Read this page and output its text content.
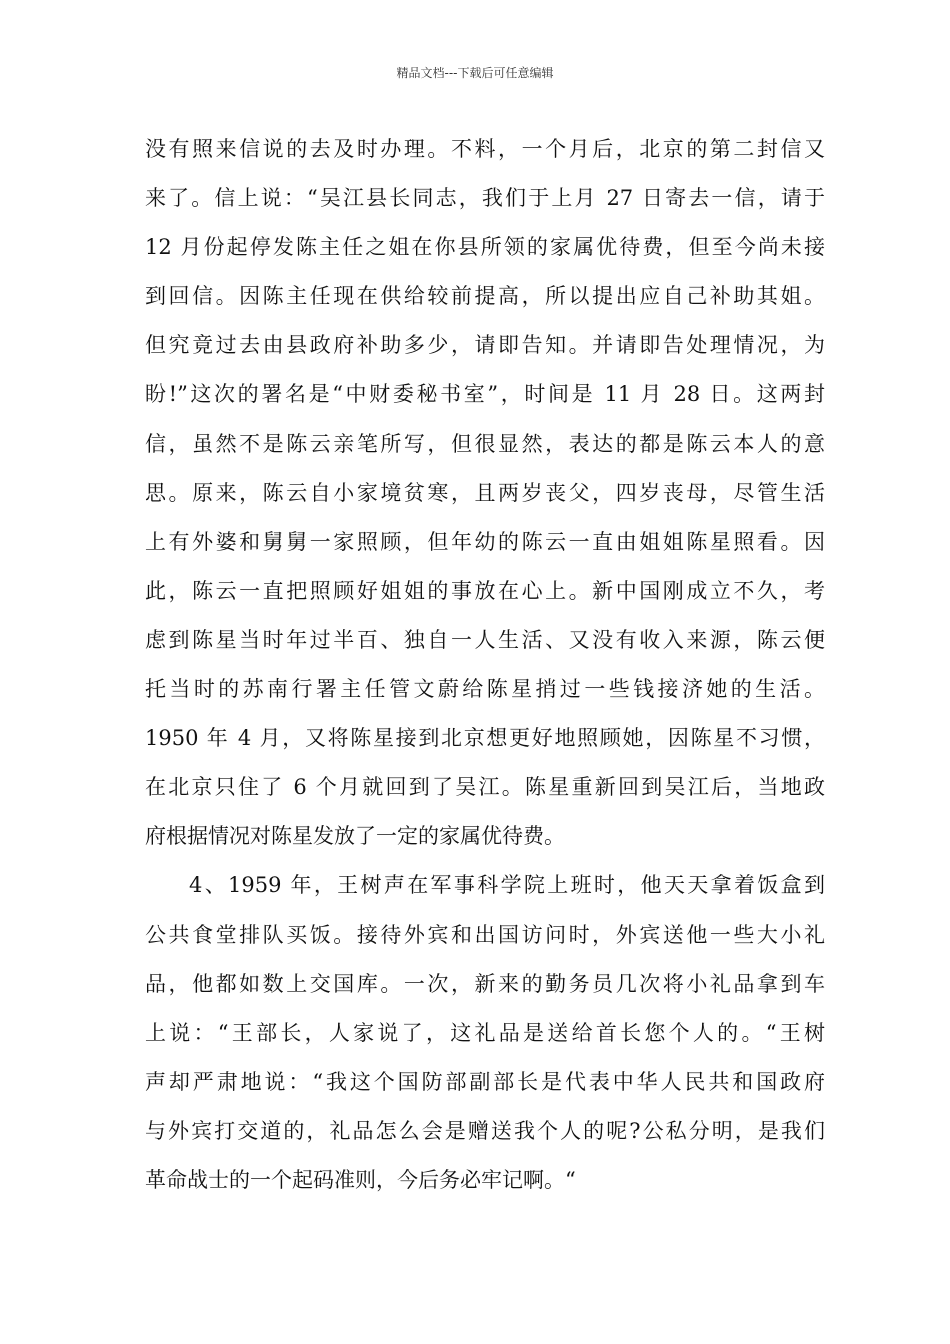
精品文档---下载后可任意编辑
没有照来信说的去及时办理。不料，一个月后，北京的第二封信又
来了。信上说：“吴江县长同志，我们于上月 27 日寄去一信，请于
12 月份起停发陈主任之姐在你县所领的家属优待费，但至今尚未接
到回信。因陈主任现在供给较前提高，所以提出应自己补助其姐。
但究竟过去由县政府补助多少，请即告知。并请即告处理情况，为
盼!”这次的署名是“中财委秘书室”，时间是 11 月 28 日。这两封
信，虽然不是陈云亲笔所写，但很显然，表达的都是陈云本人的意
思。原来，陈云自小家境贫寒，且两岁丧父，四岁丧母，尽管生活
上有外婆和舅舅一家照顾，但年幼的陈云一直由姐姐陈星照看。因
此，陈云一直把照顾好姐姐的事放在心上。新中国刚成立不久，考
虑到陈星当时年过半百、独自一人生活、又没有收入来源，陈云便
托当时的苏南行署主任管文蔚给陈星捎过一些钱接济她的生活。
1950 年 4 月，又将陈星接到北京想更好地照顾她，因陈星不习惯，
在北京只住了 6 个月就回到了吴江。陈星重新回到吴江后，当地政
府根据情况对陈星发放了一定的家属优待费。
4、1959 年，王树声在军事科学院上班时，他天天拿着饭盒到
公共食堂排队买饭。接待外宾和出国访问时，外宾送他一些大小礼
品，他都如数上交国库。一次，新来的勤务员几次将小礼品拿到车
上说：“王部长，人家说了，这礼品是送给首长您个人的。“王树
声却严肃地说：“我这个国防部副部长是代表中华人民共和国政府
与外宾打交道的，礼品怎么会是赠送我个人的呢?公私分明，是我们
革命战士的一个起码准则，今后务必牢记啊。“
